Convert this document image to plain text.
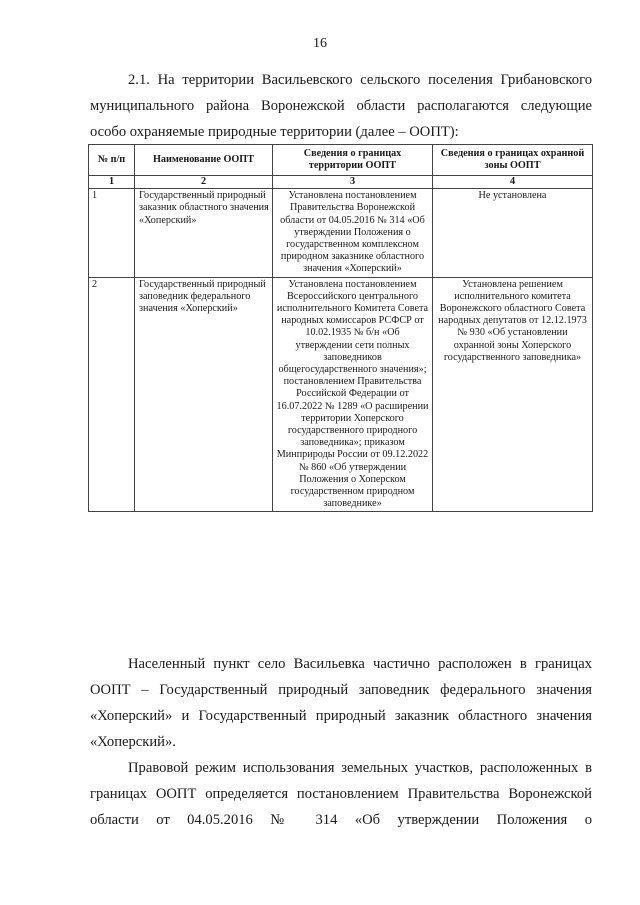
16

2.1. На территории Васильевского сельского поселения Грибановского
муниципального района Воронежской области располагаются следующие
особо охраняемые природные территории (далее – ООПТ):

№ п/п	Наименование ООПТ	Сведения о границах территории ООПТ	Сведения о границах охранной зоны ООПТ
1	2	3	4
1	Государственный природный заказник областного значения «Хоперский»	Установлена постановлением Правительства Воронежской области от 04.05.2016 № 314 «Об утверждении Положения о государственном комплексном природном заказнике областного значения «Хоперский»	Не установлена
2	Государственный природный заповедник федерального значения «Хоперский»	Установлена постановлением Всероссийского центрального исполнительного Комитета Совета народных комиссаров РСФСР от 10.02.1935 № б/н «Об утверждении сети полных заповедников общегосударственного значения»; постановлением Правительства Российской Федерации от 16.07.2022 № 1289 «О расширении территории Хоперского государственного природного заповедника»; приказом Минприроды России от 09.12.2022 № 860 «Об утверждении Положения о Хоперском государственном природном заповеднике»	Установлена решением исполнительного комитета Воронежского областного Совета народных депутатов от 12.12.1973 № 930 «Об установлении охранной зоны Хоперского государственного заповедника»

Населенный пункт село Васильевка частично расположен в границах
ООПТ – Государственный природный заповедник федерального значения
«Хоперский» и Государственный природный заказник областного значения
«Хоперский».

Правовой режим использования земельных участков, расположенных в
границах ООПТ определяется постановлением Правительства Воронежской
области от 04.05.2016 № 314 «Об утверждении Положения о
